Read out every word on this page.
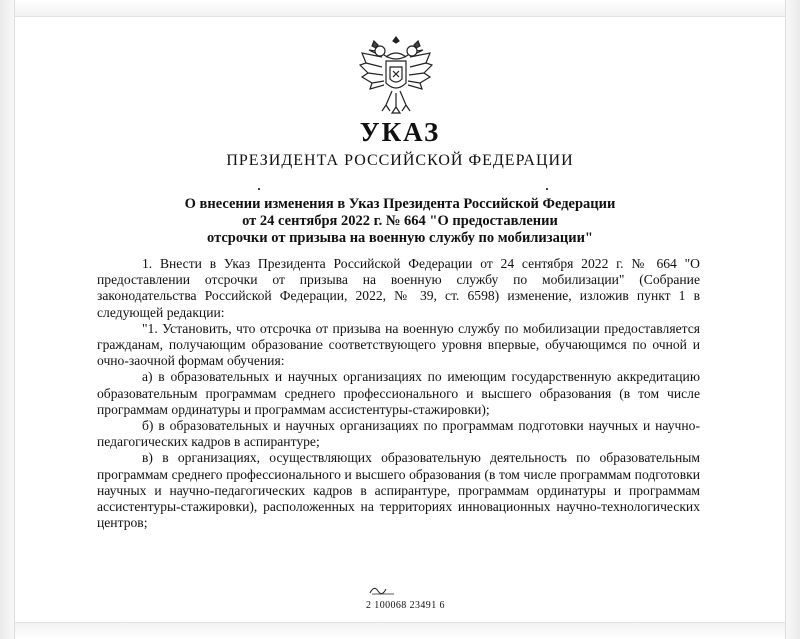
УКАЗ
ПРЕЗИДЕНТА РОССИЙСКОЙ ФЕДЕРАЦИИ
О внесении изменения в Указ Президента Российской Федерации
от 24 сентября 2022 г. № 664 "О предоставлении
отсрочки от призыва на военную службу по мобилизации"

1. Внести в Указ Президента Российской Федерации от 24 сентября 2022 г. № 664 "О предоставлении отсрочки от призыва на военную службу по мобилизации" (Собрание законодательства Российской Федерации, 2022, № 39, ст. 6598) изменение, изложив пункт 1 в следующей редакции:

"1. Установить, что отсрочка от призыва на военную службу по мобилизации предоставляется гражданам, получающим образование соответствующего уровня впервые, обучающимся по очной и очно-заочной формам обучения:

а) в образовательных и научных организациях по имеющим государственную аккредитацию образовательным программам среднего профессионального и высшего образования (в том числе программам ординатуры и программам ассистентуры-стажировки);

б) в образовательных и научных организациях по программам подготовки научных и научно-педагогических кадров в аспирантуре;

в) в организациях, осуществляющих образовательную деятельность по образовательным программам среднего профессионального и высшего образования (в том числе программам подготовки научных и научно-педагогических кадров в аспирантуре, программам ординатуры и программам ассистентуры-стажировки), расположенных на территориях инновационных научно-технологических центров;

2 100068 23491 6
